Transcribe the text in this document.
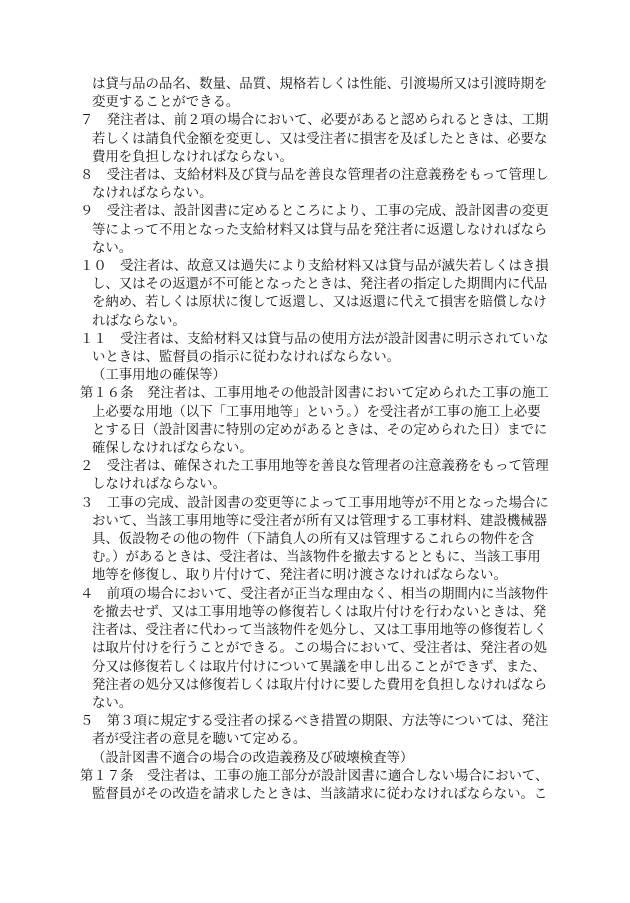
は貸与品の品名、数量、品質、規格若しくは性能、引渡場所又は引渡時期を変更することができる。

７　発注者は、前２項の場合において、必要があると認められるときは、工期若しくは請負代金額を変更し、又は受注者に損害を及ぼしたときは、必要な費用を負担しなければならない。

８　受注者は、支給材料及び貸与品を善良な管理者の注意義務をもって管理しなければならない。

９　受注者は、設計図書に定めるところにより、工事の完成、設計図書の変更等によって不用となった支給材料又は貸与品を発注者に返還しなければならない。

１０　受注者は、故意又は過失により支給材料又は貸与品が滅失若しくはき損し、又はその返還が不可能となったときは、発注者の指定した期間内に代品を納め、若しくは原状に復して返還し、又は返還に代えて損害を賠償しなければならない。

１１　受注者は、支給材料又は貸与品の使用方法が設計図書に明示されていないときは、監督員の指示に従わなければならない。

（工事用地の確保等）

第１６条　発注者は、工事用地その他設計図書において定められた工事の施工上必要な用地（以下「工事用地等」という。）を受注者が工事の施工上必要とする日（設計図書に特別の定めがあるときは、その定められた日）までに確保しなければならない。

２　受注者は、確保された工事用地等を善良な管理者の注意義務をもって管理しなければならない。

３　工事の完成、設計図書の変更等によって工事用地等が不用となった場合において、当該工事用地等に受注者が所有又は管理する工事材料、建設機械器具、仮設物その他の物件（下請負人の所有又は管理するこれらの物件を含む。）があるときは、受注者は、当該物件を撤去するとともに、当該工事用地等を修復し、取り片付けて、発注者に明け渡さなければならない。

４　前項の場合において、受注者が正当な理由なく、相当の期間内に当該物件を撤去せず、又は工事用地等の修復若しくは取片付けを行わないときは、発注者は、受注者に代わって当該物件を処分し、又は工事用地等の修復若しくは取片付けを行うことができる。この場合において、受注者は、発注者の処分又は修復若しくは取片付けについて異議を申し出ることができず、また、発注者の処分又は修復若しくは取片付けに要した費用を負担しなければならない。

５　第３項に規定する受注者の採るべき措置の期限、方法等については、発注者が受注者の意見を聴いて定める。

（設計図書不適合の場合の改造義務及び破壊検査等）

第１７条　受注者は、工事の施工部分が設計図書に適合しない場合において、監督員がその改造を請求したときは、当該請求に従わなければならない。こ
